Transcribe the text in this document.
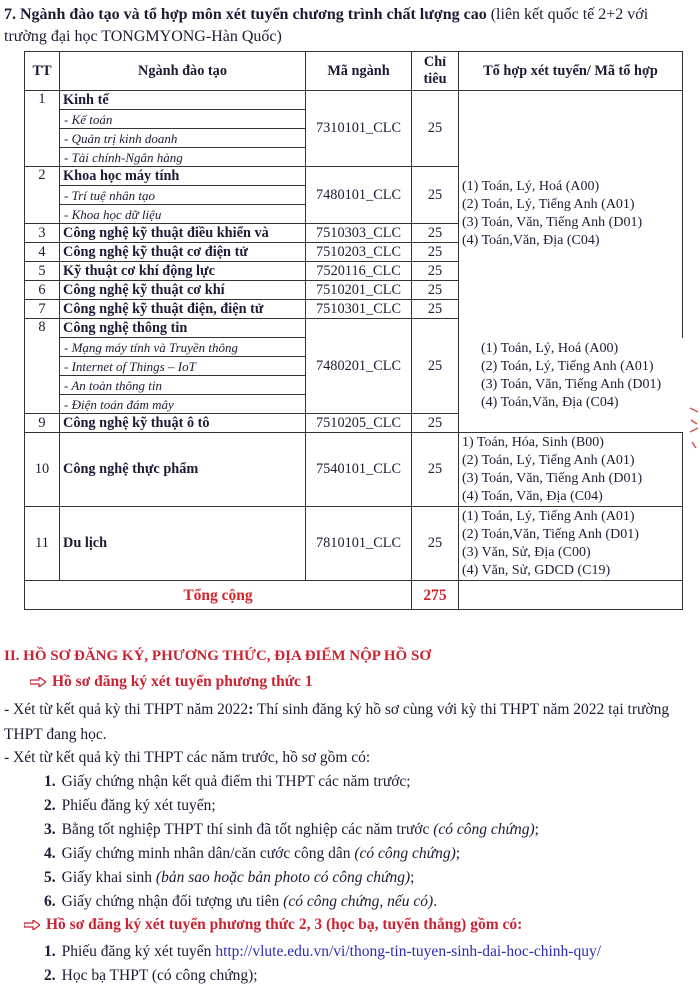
7. Ngành đào tạo và tổ hợp môn xét tuyển chương trình chất lượng cao (liên kết quốc tế 2+2 với trường đại học TONGMYONG-Hàn Quốc)
TT	Ngành đào tạo	Mã ngành	Chỉ tiêu	Tổ hợp xét tuyển/ Mã tổ hợp
1	Kinh tế	7310101_CLC	25	(1) Toán, Lý, Hoá (A00)
(2) Toán, Lý, Tiếng Anh (A01)
(3) Toán, Văn, Tiếng Anh (D01)
(4) Toán,Văn, Địa (C04)

	- Kế toán			
	- Quản trị kinh doanh			
	- Tài chính-Ngân hàng			
2	Khoa học máy tính	7480101_CLC	25	
	- Trí tuệ nhân tạo			
	- Khoa học dữ liệu			
3	Công nghệ kỹ thuật điều khiển và	7510303_CLC	25	
4	Công nghệ kỹ thuật cơ điện tử	7510203_CLC	25	
5	Kỹ thuật cơ khí động lực	7520116_CLC	25	
6	Công nghệ kỹ thuật cơ khí	7510201_CLC	25	
7	Công nghệ kỹ thuật điện, điện tử	7510301_CLC	25	
8	Công nghệ thông tin	7480201_CLC	25	
	- Mạng máy tính và Truyền thông			
	- Internet of Things – IoT			
	- An toàn thông tin			
	- Điện toán đám mây			
9	Công nghệ kỹ thuật ô tô	7510205_CLC	25	
10	Công nghệ thực phẩm	7540101_CLC	25	1) Toán, Hóa, Sinh (B00)
(2) Toán, Lý, Tiếng Anh (A01)
(3) Toán, Văn, Tiếng Anh (D01)
(4) Toán, Văn, Địa (C04)

11	Du lịch	7810101_CLC	25	(1) Toán, Lý, Tiếng Anh (A01)
(2) Toán,Văn, Tiếng Anh (D01)
(3) Văn, Sử, Địa (C00)
(4) Văn, Sử, GDCD (C19)

Tổng cộng			275	
(1) Toán, Lý, Hoá (A00)
(2) Toán, Lý, Tiếng Anh (A01)
(3) Toán, Văn, Tiếng Anh (D01)
(4) Toán,Văn, Địa (C04)
II. HỒ SƠ ĐĂNG KÝ, PHƯƠNG THỨC, ĐỊA ĐIỂM NỘP HỒ SƠ
Hồ sơ đăng ký xét tuyển phương thức 1
- Xét từ kết quả kỳ thi THPT năm 2022: Thí sinh đăng ký hồ sơ cùng với kỳ thi THPT năm 2022 tại trường THPT đang học.
- Xét từ kết quả kỳ thi THPT các năm trước, hồ sơ gồm có:
1. Giấy chứng nhận kết quả điểm thi THPT các năm trước;
2. Phiếu đăng ký xét tuyển;
3. Bằng tốt nghiệp THPT thí sinh đã tốt nghiệp các năm trước (có công chứng);
4. Giấy chứng minh nhân dân/căn cước công dân (có công chứng);
5. Giấy khai sinh (bản sao hoặc bản photo có công chứng);
6. Giấy chứng nhận đối tượng ưu tiên (có công chứng, nếu có).
Hồ sơ đăng ký xét tuyển phương thức 2, 3 (học bạ, tuyển thẳng) gồm có:
1. Phiếu đăng ký xét tuyển http://vlute.edu.vn/vi/thong-tin-tuyen-sinh-dai-hoc-chinh-quy/
2. Học bạ THPT (có công chứng);
